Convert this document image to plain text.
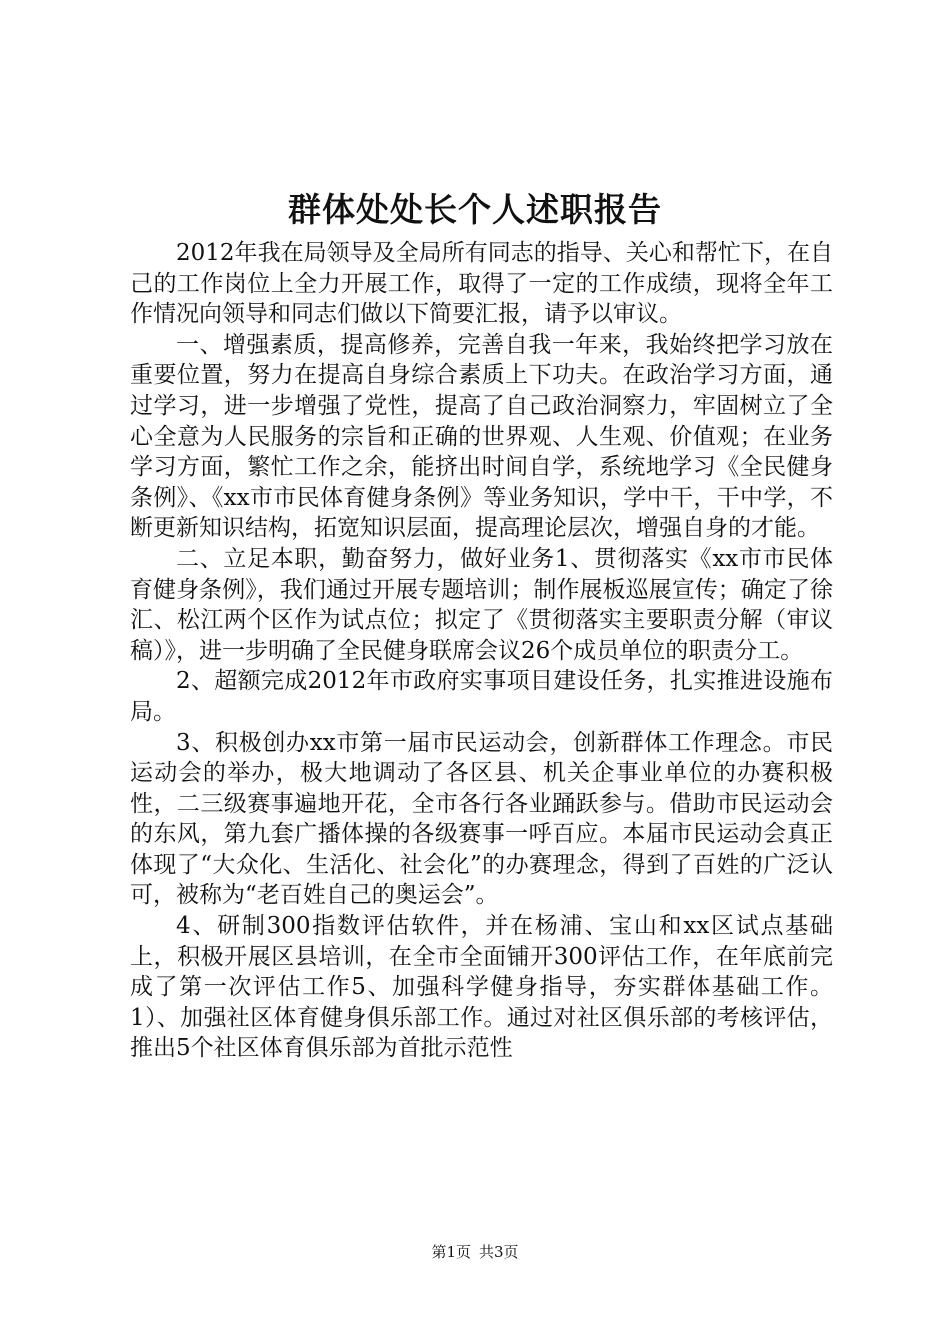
群体处处长个人述职报告

2012年我在局领导及全局所有同志的指导、关心和帮忙下，在自己的工作岗位上全力开展工作，取得了一定的工作成绩，现将全年工作情况向领导和同志们做以下简要汇报，请予以审议。

一、增强素质，提高修养，完善自我一年来，我始终把学习放在重要位置，努力在提高自身综合素质上下功夫。在政治学习方面，通过学习，进一步增强了党性，提高了自己政治洞察力，牢固树立了全心全意为人民服务的宗旨和正确的世界观、人生观、价值观；在业务学习方面，繁忙工作之余，能挤出时间自学，系统地学习《全民健身条例》、《xx市市民体育健身条例》等业务知识，学中干，干中学，不断更新知识结构，拓宽知识层面，提高理论层次，增强自身的才能。

二、立足本职，勤奋努力，做好业务1、贯彻落实《xx市市民体育健身条例》，我们通过开展专题培训；制作展板巡展宣传；确定了徐汇、松江两个区作为试点位；拟定了《贯彻落实主要职责分解（审议稿）》，进一步明确了全民健身联席会议26个成员单位的职责分工。

2、超额完成2012年市政府实事项目建设任务，扎实推进设施布局。

3、积极创办xx市第一届市民运动会，创新群体工作理念。市民运动会的举办，极大地调动了各区县、机关企事业单位的办赛积极性，二三级赛事遍地开花，全市各行各业踊跃参与。借助市民运动会的东风，第九套广播体操的各级赛事一呼百应。本届市民运动会真正体现了“大众化、生活化、社会化”的办赛理念，得到了百姓的广泛认可，被称为“老百姓自己的奥运会”。

4、研制300指数评估软件，并在杨浦、宝山和xx区试点基础上，积极开展区县培训，在全市全面铺开300评估工作，在年底前完成了第一次评估工作5、加强科学健身指导，夯实群体基础工作。1）、加强社区体育健身俱乐部工作。通过对社区俱乐部的考核评估，推出5个社区体育俱乐部为首批示范性

第1页 共3页
